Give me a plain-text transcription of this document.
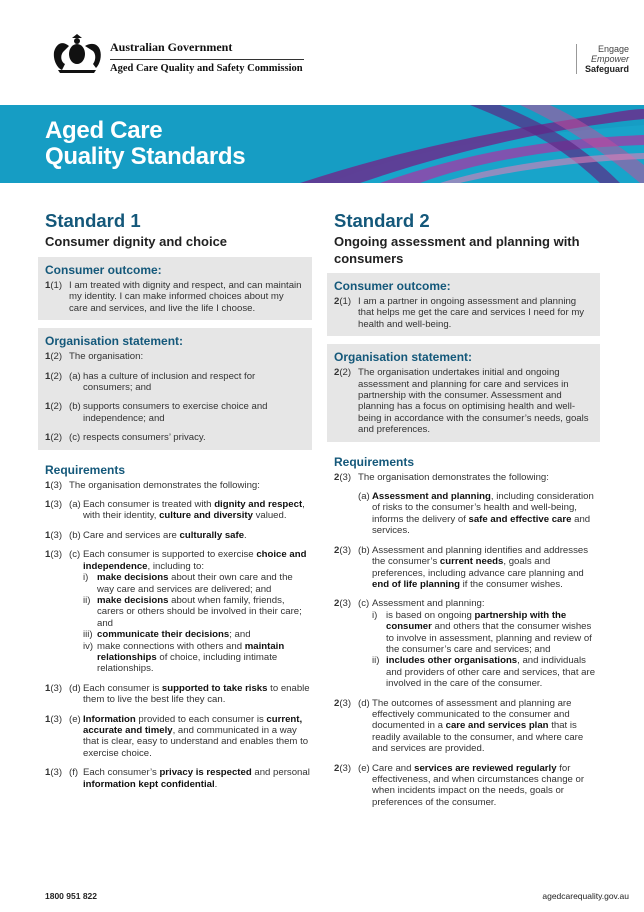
Australian Government
Aged Care Quality and Safety Commission
Engage
Empower
Safeguard
Aged Care
Quality Standards
Standard 1
Consumer dignity and choice
Consumer outcome:
1(1) I am treated with dignity and respect, and can maintain my identity. I can make informed choices about my care and services, and live the life I choose.
Organisation statement:
1(2) The organisation:
1(2) (a) has a culture of inclusion and respect for consumers; and
1(2) (b) supports consumers to exercise choice and independence; and
1(2) (c) respects consumers’ privacy.
Requirements
1(3) The organisation demonstrates the following:
1(3) (a) Each consumer is treated with dignity and respect, with their identity, culture and diversity valued.
1(3) (b) Care and services are culturally safe.
1(3) (c) Each consumer is supported to exercise choice and independence, including to:
i) make decisions about their own care and the way care and services are delivered; and
ii) make decisions about when family, friends, carers or others should be involved in their care; and
iii) communicate their decisions; and
iv) make connections with others and maintain relationships of choice, including intimate relationships.
1(3) (d) Each consumer is supported to take risks to enable them to live the best life they can.
1(3) (e) Information provided to each consumer is current, accurate and timely, and communicated in a way that is clear, easy to understand and enables them to exercise choice.
1(3) (f) Each consumer’s privacy is respected and personal information kept confidential.
Standard 2
Ongoing assessment and planning with consumers
Consumer outcome:
2(1) I am a partner in ongoing assessment and planning that helps me get the care and services I need for my health and well-being.
Organisation statement:
2(2) The organisation undertakes initial and ongoing assessment and planning for care and services in partnership with the consumer. Assessment and planning has a focus on optimising health and well-being in accordance with the consumer’s needs, goals and preferences.
Requirements
2(3) The organisation demonstrates the following:
(a) Assessment and planning, including consideration of risks to the consumer’s health and well-being, informs the delivery of safe and effective care and services.
2(3) (b) Assessment and planning identifies and addresses the consumer’s current needs, goals and preferences, including advance care planning and end of life planning if the consumer wishes.
2(3) (c) Assessment and planning:
i) is based on ongoing partnership with the consumer and others that the consumer wishes to involve in assessment, planning and review of the consumer’s care and services; and
ii) includes other organisations, and individuals and providers of other care and services, that are involved in the care of the consumer.
2(3) (d) The outcomes of assessment and planning are effectively communicated to the consumer and documented in a care and services plan that is readily available to the consumer, and where care and services are provided.
2(3) (e) Care and services are reviewed regularly for effectiveness, and when circumstances change or when incidents impact on the needs, goals or preferences of the consumer.
1800 951 822	agedcarequality.gov.au
